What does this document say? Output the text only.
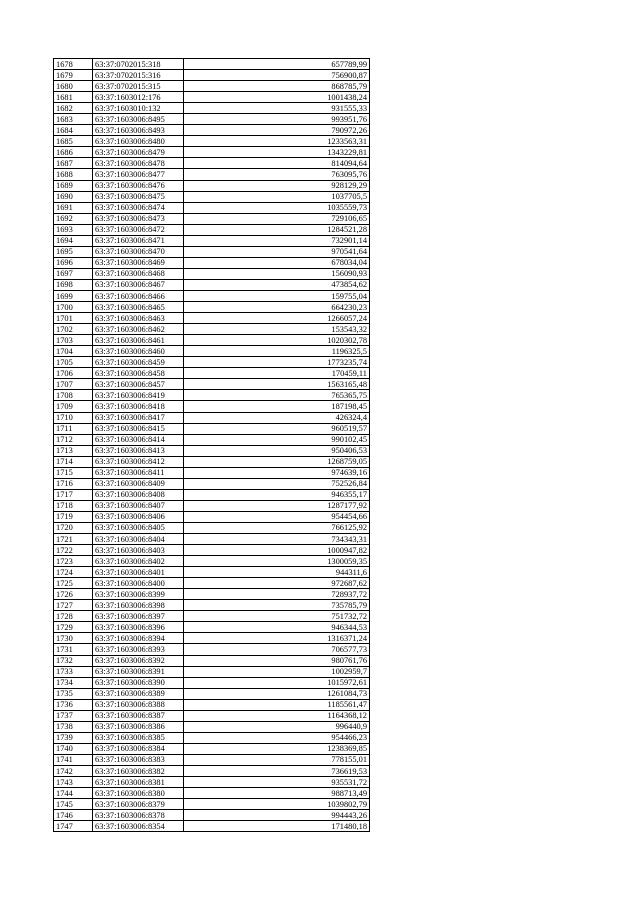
1678	63:37:0702015:318	657789,99
1679	63:37:0702015:316	756900,87
1680	63:37:0702015:315	868785,79
1681	63:37:1603012:176	1001438,24
1682	63:37:1603010:132	931555,33
1683	63:37:1603006:8495	993951,76
1684	63:37:1603006:8493	790972,26
1685	63:37:1603006:8480	1233563,31
1686	63:37:1603006:8479	1343229,81
1687	63:37:1603006:8478	814094,64
1688	63:37:1603006:8477	763095,76
1689	63:37:1603006:8476	928129,29
1690	63:37:1603006:8475	1037705,5
1691	63:37:1603006:8474	1035559,73
1692	63:37:1603006:8473	729106,65
1693	63:37:1603006:8472	1284521,28
1694	63:37:1603006:8471	732901,14
1695	63:37:1603006:8470	970541,64
1696	63:37:1603006:8469	678034,04
1697	63:37:1603006:8468	156090,93
1698	63:37:1603006:8467	473854,62
1699	63:37:1603006:8466	159755,04
1700	63:37:1603006:8465	664230,23
1701	63:37:1603006:8463	1266057,24
1702	63:37:1603006:8462	153543,32
1703	63:37:1603006:8461	1020302,78
1704	63:37:1603006:8460	1196325,5
1705	63:37:1603006:8459	1773235,74
1706	63:37:1603006:8458	170459,11
1707	63:37:1603006:8457	1563165,48
1708	63:37:1603006:8419	765365,75
1709	63:37:1603006:8418	187198,45
1710	63:37:1603006:8417	426324,4
1711	63:37:1603006:8415	960519,57
1712	63:37:1603006:8414	990102,45
1713	63:37:1603006:8413	950406,53
1714	63:37:1603006:8412	1268759,05
1715	63:37:1603006:8411	974639,16
1716	63:37:1603006:8409	752526,84
1717	63:37:1603006:8408	946355,17
1718	63:37:1603006:8407	1287177,92
1719	63:37:1603006:8406	954454,66
1720	63:37:1603006:8405	766125,92
1721	63:37:1603006:8404	734343,31
1722	63:37:1603006:8403	1000947,82
1723	63:37:1603006:8402	1300059,35
1724	63:37:1603006:8401	944311,6
1725	63:37:1603006:8400	972687,62
1726	63:37:1603006:8399	728937,72
1727	63:37:1603006:8398	735785,79
1728	63:37:1603006:8397	751732,72
1729	63:37:1603006:8396	946344,53
1730	63:37:1603006:8394	1316371,24
1731	63:37:1603006:8393	706577,73
1732	63:37:1603006:8392	980761,76
1733	63:37:1603006:8391	1002959,7
1734	63:37:1603006:8390	1015972,61
1735	63:37:1603006:8389	1261084,73
1736	63:37:1603006:8388	1185561,47
1737	63:37:1603006:8387	1164368,12
1738	63:37:1603006:8386	996440,9
1739	63:37:1603006:8385	954466,23
1740	63:37:1603006:8384	1238369,85
1741	63:37:1603006:8383	778155,01
1742	63:37:1603006:8382	736619,53
1743	63:37:1603006:8381	935531,72
1744	63:37:1603006:8380	988713,49
1745	63:37:1603006:8379	1039802,79
1746	63:37:1603006:8378	994443,26
1747	63:37:1603006:8354	171480,18
